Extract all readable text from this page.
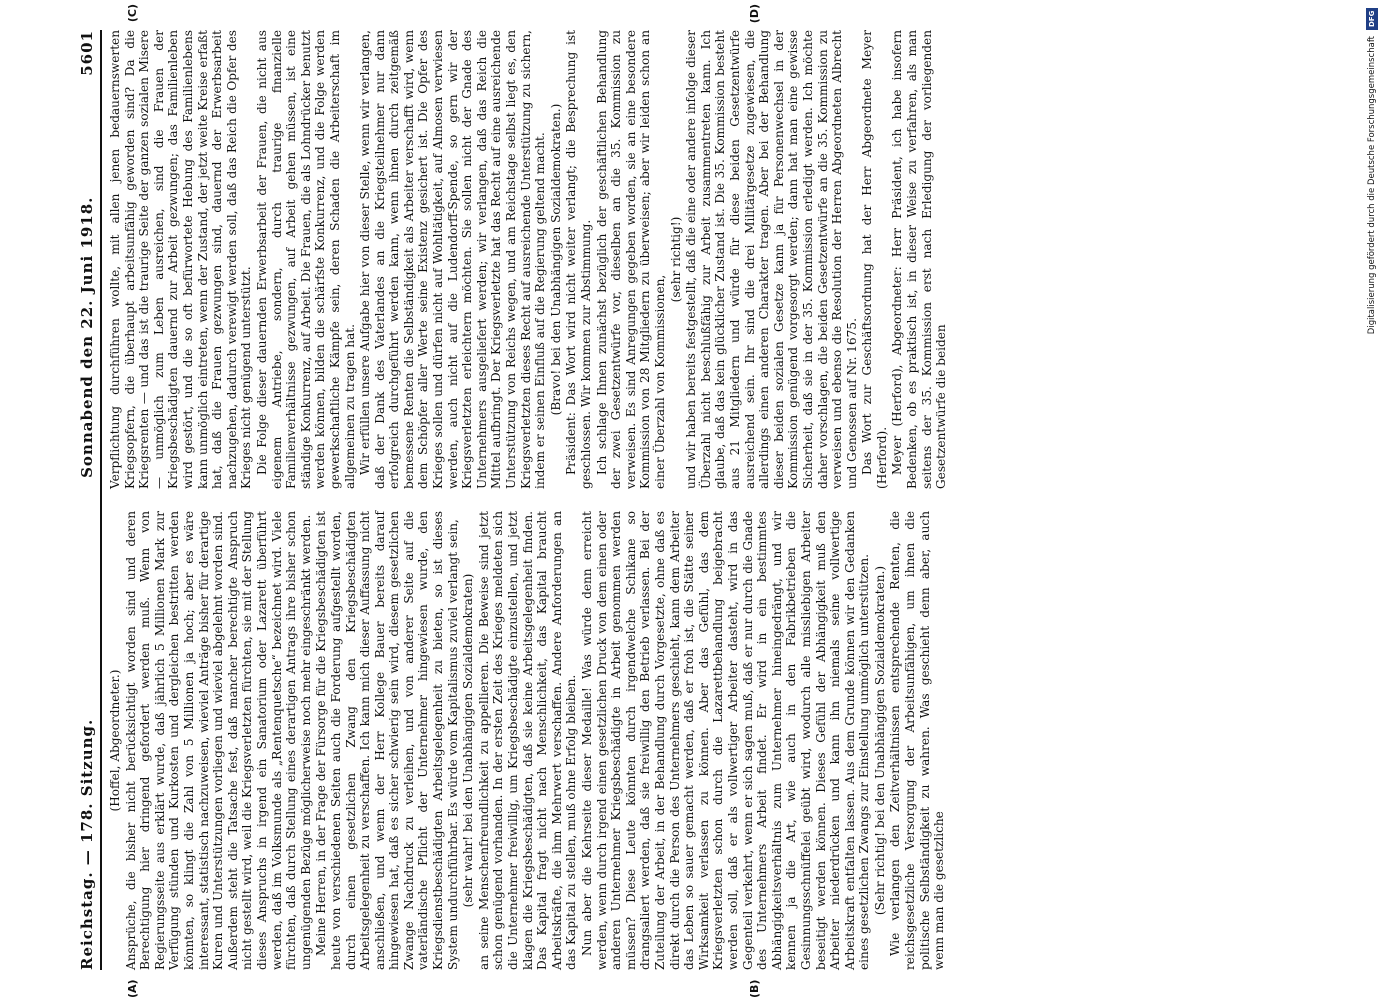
Reichstag. — 178. Sitzung.
Sonnabend den 22. Juni 1918.
5601
(A)	(B)

(Hoffel, Abgeordneter.) Ansprüche, die bisher nicht berücksichtigt worden sind und deren Berechtigung hier dringend gefordert werden muß. Wenn von Regierungsseite aus erklärt wurde, daß jährlich 5 Millionen Mark zur Verfügung stünden und Kurkosten und dergleichen bestritten werden könnten, so klingt die Zahl von 5 Millionen ja hoch; aber es wäre interessant, statistisch nachzuweisen, wieviel Anträge bisher für derartige Kuren und Unterstützungen vorliegen und wieviel abgelehnt worden sind. Außerdem steht die Tatsache fest, daß mancher berechtigte Anspruch nicht gestellt wird, weil die Kriegsverletzten fürchten, sie mit der Stellung dieses Anspruchs in irgend ein Sanatorium oder Lazarett überführt werden, daß im Volksmunde als „Rentenquetsche“ bezeichnet wird. Viele fürchten, daß durch Stellung eines derartigen Antrags ihre bisher schon ungenügenden Bezüge möglicherweise noch mehr eingeschränkt werden. Meine Herren, in der Frage der Fürsorge für die Kriegsbeschädigten ist heute von verschiedenen Seiten auch die Forderung aufgestellt worden, durch einen gesetzlichen Zwang den Kriegsbeschädigten Arbeitsgelegenheit zu verschaffen. Ich kann mich dieser Auffassung nicht anschließen, und wenn der Herr Kollege Bauer bereits darauf hingewiesen hat, daß es sicher schwierig sein wird, diesem gesetzlichen Zwange Nachdruck zu verleihen, und von anderer Seite auf die vaterländische Pflicht der Unternehmer hingewiesen wurde, den Kriegsdienstbeschädigten Arbeitsgelegenheit zu bieten, so ist dieses System undurchführbar. Es würde vom Kapitalismus zuviel verlangt sein, (sehr wahr! bei den Unabhängigen Sozialdemokraten) an seine Menschenfreundlichkeit zu appellieren. Die Beweise sind jetzt schon genügend vorhanden. In der ersten Zeit des Krieges meldeten sich die Unternehmer freiwillig, um Kriegsbeschädigte einzustellen, und jetzt klagen die Kriegsbeschädigten, daß sie keine Arbeitsgelegenheit finden. Das Kapital fragt nicht nach Menschlichkeit, das Kapital braucht Arbeitskräfte, die ihm Mehrwert verschaffen. Andere Anforderungen an das Kapital zu stellen, muß ohne Erfolg bleiben. Nun aber die Kehrseite dieser Medaille! Was würde denn erreicht werden, wenn durch irgend einen gesetzlichen Druck von dem einen oder anderen Unternehmer Kriegsbeschädigte in Arbeit genommen werden müssen? Diese Leute könnten durch irgendwelche Schikane so drangsaliert werden, daß sie freiwillig den Betrieb verlassen. Bei der Zuteilung der Arbeit, in der Behandlung durch Vorgesetzte, ohne daß es direkt durch die Person des Unternehmers geschieht, kann dem Arbeiter das Leben so sauer gemacht werden, daß er froh ist, die Stätte seiner Wirksamkeit verlassen zu können. Aber das Gefühl, das dem Kriegsverletzten schon durch die Lazarettbehandlung beigebracht werden soll, daß er als vollwertiger Arbeiter dasteht, wird in das Gegenteil verkehrt, wenn er sich sagen muß, daß er nur durch die Gnade des Unternehmers Arbeit findet. Er wird in ein bestimmtes Abhängigkeitsverhältnis zum Unternehmer hineingedrängt, und wir kennen ja die Art, wie auch in den Fabrikbetrieben die Gesinnungsschnüffelei geübt wird, wodurch alle missliebigen Arbeiter beseitigt werden können. Dieses Gefühl der Abhängigkeit muß den Arbeiter niederdrücken und kann ihn niemals seine vollwertige Arbeitskraft entfalten lassen. Aus dem Grunde können wir den Gedanken eines gesetzlichen Zwangs zur Einstellung unmöglich unterstützen. (Sehr richtig! bei den Unabhängigen Sozialdemokraten.) Wie verlangen den Zeitverhältnissen entsprechende Renten, die reichsgesetzliche Versorgung der Arbeitsunfähigen, um ihnen die politische Selbständigkeit zu wahren. Was geschieht denn aber, auch wenn man die gesetzliche

(C)	(D)

Verpflichtung durchführen wollte, mit allen jenen bedauernswerten Kriegsopfern, die überhaupt arbeitsunfähig geworden sind? Da die Kriegsrenten — und das ist die traurige Seite der ganzen sozialen Misere — unmöglich zum Leben ausreichen, sind die Frauen der Kriegsbeschädigten dauernd zur Arbeit gezwungen; das Familienleben wird gestört, und die so oft befürwortete Hebung des Familienlebens kann unmöglich eintreten, wenn der Zustand, der jetzt weite Kreise erfaßt hat, daß die Frauen gezwungen sind, dauernd der Erwerbsarbeit nachzugehen, dadurch verewigt werden soll, daß das Reich die Opfer des Krieges nicht genügend unterstützt. Die Folge dieser dauernden Erwerbsarbeit der Frauen, die nicht aus eigenem Antriebe, sondern, durch traurige finanzielle Familienverhältnisse gezwungen, auf Arbeit gehen müssen, ist eine ständige Konkurrenz, auf Arbeit. Die Frauen, die als Lohndrücker benutzt werden können, bilden die schärfste Konkurrenz, und die Folge werden gewerkschaftliche Kämpfe sein, deren Schaden die Arbeiterschaft im allgemeinen zu tragen hat. Wir erfüllen unsere Aufgabe hier von dieser Stelle, wenn wir verlangen, daß der Dank des Vaterlandes an die Kriegsteilnehmer nur dann erfolgreich durchgeführt werden kann, wenn ihnen durch zeitgemäß bemessene Renten die Selbständigkeit als Arbeiter verschafft wird, wenn dem Schöpfer aller Werte seine Existenz gesichert ist. Die Opfer des Krieges sollen und dürfen nicht auf Wohltätigkeit, auf Almosen verwiesen werden, auch nicht auf die Ludendorff-Spende, so gern wir der Kriegsverletzten erleichtern möchten. Sie sollen nicht der Gnade des Unternehmers ausgeliefert werden; wir verlangen, daß das Reich die Mittel aufbringt. Der Kriegsverletzte hat das Recht auf eine ausreichende Unterstützung von Reichs wegen, und am Reichstage selbst liegt es, den Kriegsverletzten dieses Recht auf ausreichende Unterstützung zu sichern, indem er seinen Einfluß auf die Regierung geltend macht. (Bravo! bei den Unabhängigen Sozialdemokraten.) Präsident: Das Wort wird nicht weiter verlangt; die Besprechung ist geschlossen. Wir kommen zur Abstimmung. Ich schlage Ihnen zunächst bezüglich der geschäftlichen Behandlung der zwei Gesetzentwürfe vor, dieselben an die 35. Kommission zu verweisen. Es sind Anregungen gegeben worden, sie an eine besondere Kommission von 28 Mitgliedern zu überweisen; aber wir leiden schon an einer Überzahl von Kommissionen,

(sehr richtig!) und wir haben bereits festgestellt, daß die eine oder andere infolge dieser Überzahl nicht beschlußfähig zur Arbeit zusammentreten kann. Ich glaube, daß das kein glücklicher Zustand ist. Die 35. Kommission besteht aus 21 Mitgliedern und würde für diese beiden Gesetzentwürfe ausreichend sein. Ihr sind die drei Militärgesetze zugewiesen, die allerdings einen anderen Charakter tragen. Aber bei der Behandlung dieser beiden sozialen Gesetze kann ja für Personenwechsel in der Kommission genügend vorgesorgt werden; dann hat man eine gewisse Sicherheit, daß sie in der 35. Kommission erledigt werden. Ich möchte daher vorschlagen, die beiden Gesetzentwürfe an die 35. Kommission zu verweisen und ebenso die Resolution der Herren Abgeordneten Albrecht und Genossen auf Nr. 1675. Das Wort zur Geschäftsordnung hat der Herr Abgeordnete Meyer (Herford). Meyer (Herford), Abgeordneter: Herr Präsident, ich habe insofern Bedenken, ob es praktisch ist, in dieser Weise zu verfahren, als man seitens der 35. Kommission erst nach Erledigung der vorliegenden Gesetzentwürfe die beiden

DFG
Digitalisierung gefördert durch die Deutsche Forschungsgemeinschaft
